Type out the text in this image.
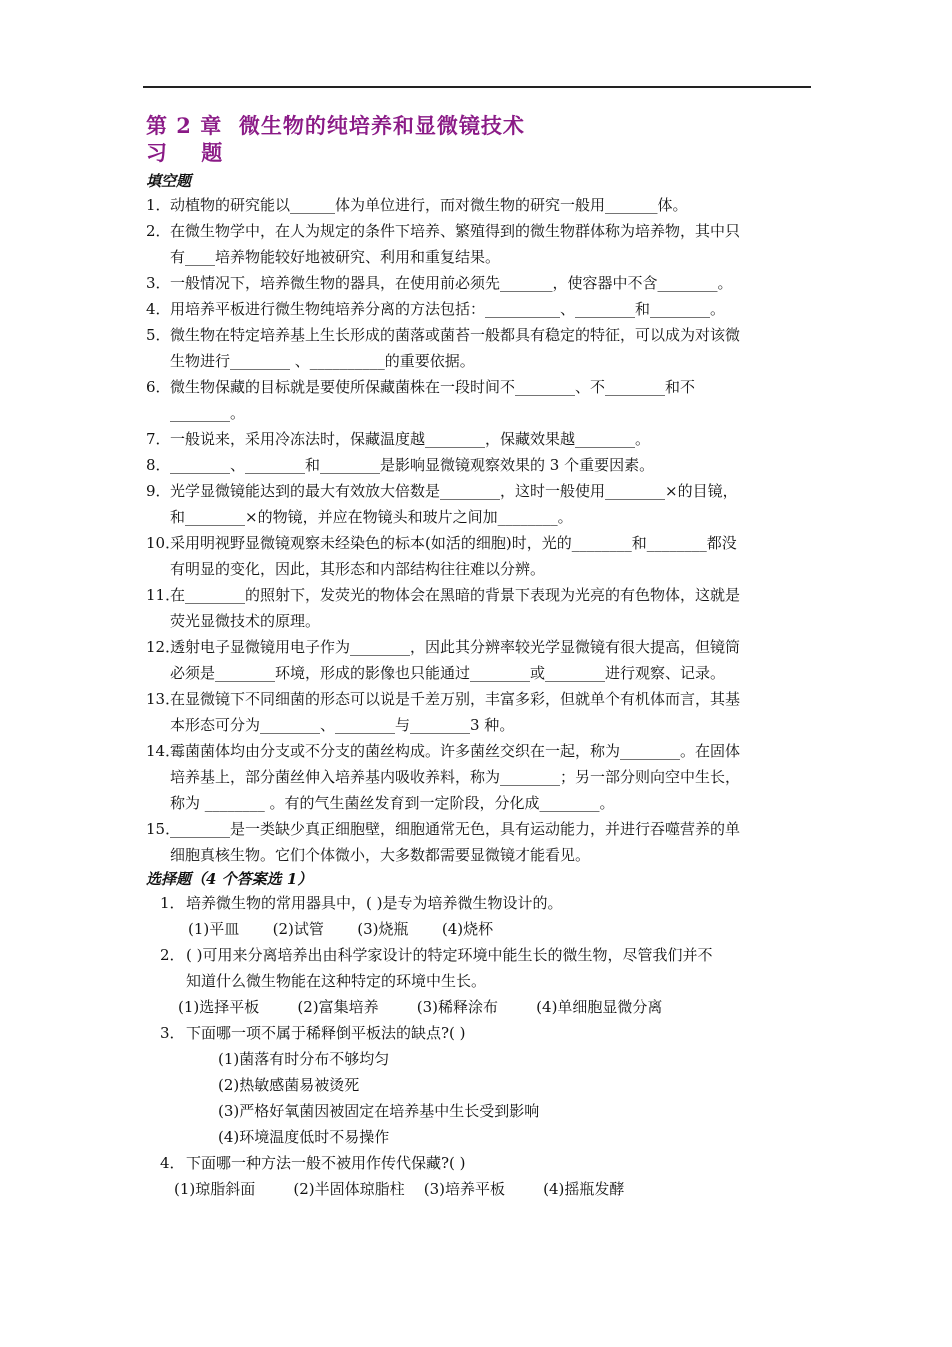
第 2 章  微生物的纯培养和显微镜技术
习    题
填空题
1．动植物的研究能以______体为单位进行，而对微生物的研究一般用_______体。
2．在微生物学中，在人为规定的条件下培养、繁殖得到的微生物群体称为培养物，其中只
有____培养物能较好地被研究、利用和重复结果。
3．一般情况下，培养微生物的器具，在使用前必须先_______，使容器中不含________。
4．用培养平板进行微生物纯培养分离的方法包括：__________、________和________。
5．微生物在特定培养基上生长形成的菌落或菌苔一般都具有稳定的特征，可以成为对该微
生物进行________ 、__________的重要依据。
6．微生物保藏的目标就是要使所保藏菌株在一段时间不________、不________和不
________。
7．一般说来，采用冷冻法时，保藏温度越________，保藏效果越________。
8．________、________和________是影响显微镜观察效果的 3 个重要因素。
9．光学显微镜能达到的最大有效放大倍数是________，这时一般使用________×的目镜，
和________×的物镜，并应在物镜头和玻片之间加________。
10．采用明视野显微镜观察未经染色的标本(如活的细胞)时，光的________和________都没
有明显的变化，因此，其形态和内部结构往往难以分辨。
11．在________的照射下，发荧光的物体会在黑暗的背景下表现为光亮的有色物体，这就是
荧光显微技术的原理。
12．透射电子显微镜用电子作为________，因此其分辨率较光学显微镜有很大提高，但镜筒
必须是________环境，形成的影像也只能通过________或________进行观察、记录。
13．在显微镜下不同细菌的形态可以说是千差万别，丰富多彩，但就单个有机体而言，其基
本形态可分为________、________与________3 种。
14．霉菌菌体均由分支或不分支的菌丝构成。许多菌丝交织在一起，称为________。在固体
培养基上，部分菌丝伸入培养基内吸收养料，称为________；另一部分则向空中生长，
称为 ________ 。有的气生菌丝发育到一定阶段，分化成________。
15．________是一类缺少真正细胞壁，细胞通常无色，具有运动能力，并进行吞噬营养的单
细胞真核生物。它们个体微小，大多数都需要显微镜才能看见。
选择题（4 个答案选 1）
1．培养微生物的常用器具中，( )是专为培养微生物设计的。
(1)平皿       (2)试管       (3)烧瓶       (4)烧杯
2．( )可用来分离培养出由科学家设计的特定环境中能生长的微生物，尽管我们并不
知道什么微生物能在这种特定的环境中生长。
(1)选择平板        (2)富集培养        (3)稀释涂布        (4)单细胞显微分离
3．下面哪一项不属于稀释倒平板法的缺点?( )
(1)菌落有时分布不够均匀
(2)热敏感菌易被烫死
(3)严格好氧菌因被固定在培养基中生长受到影响
(4)环境温度低时不易操作
4．下面哪一种方法一般不被用作传代保藏?( )
(1)琼脂斜面        (2)半固体琼脂柱    (3)培养平板        (4)摇瓶发酵
